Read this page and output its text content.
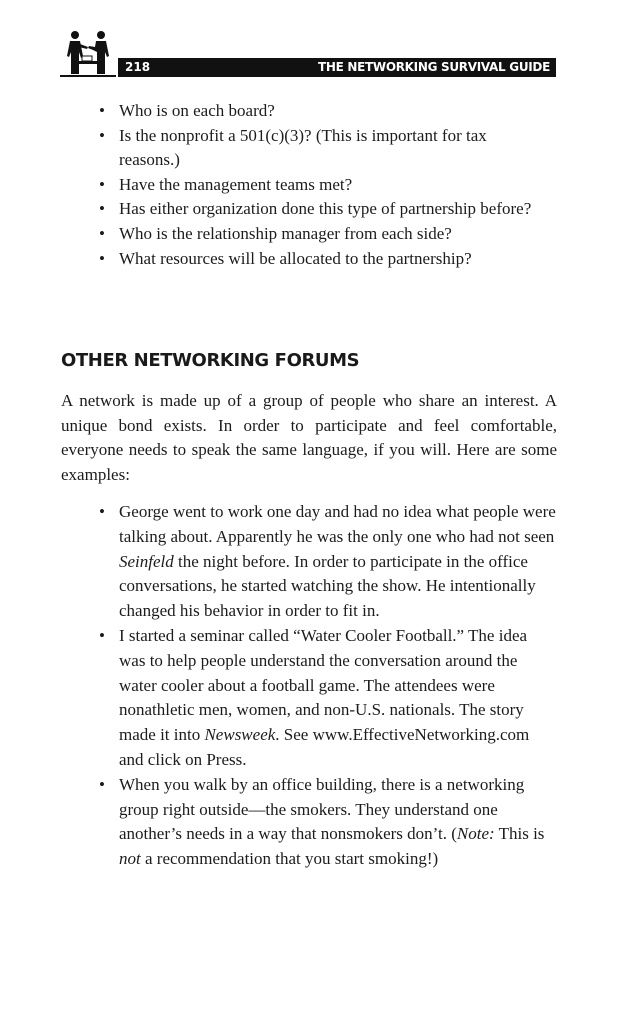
218	THE NETWORKING SURVIVAL GUIDE
• Who is on each board?
• Is the nonprofit a 501(c)(3)? (This is important for tax reasons.)
• Have the management teams met?
• Has either organization done this type of partnership before?
• Who is the relationship manager from each side?
• What resources will be allocated to the partnership?
OTHER NETWORKING FORUMS

A network is made up of a group of people who share an interest. A unique bond exists. In order to participate and feel comfortable, everyone needs to speak the same language, if you will. Here are some examples:

• George went to work one day and had no idea what people were talking about. Apparently he was the only one who had not seen Seinfeld the night before. In order to participate in the office conversations, he started watching the show. He intentionally changed his behavior in order to fit in.
• I started a seminar called “Water Cooler Football.” The idea was to help people understand the conversation around the water cooler about a football game. The attendees were nonathletic men, women, and non-U.S. nationals. The story made it into Newsweek. See www.EffectiveNetworking.com and click on Press.
• When you walk by an office building, there is a networking group right outside—the smokers. They understand one another’s needs in a way that nonsmokers don’t. (Note: This is not a recommendation that you start smoking!)
